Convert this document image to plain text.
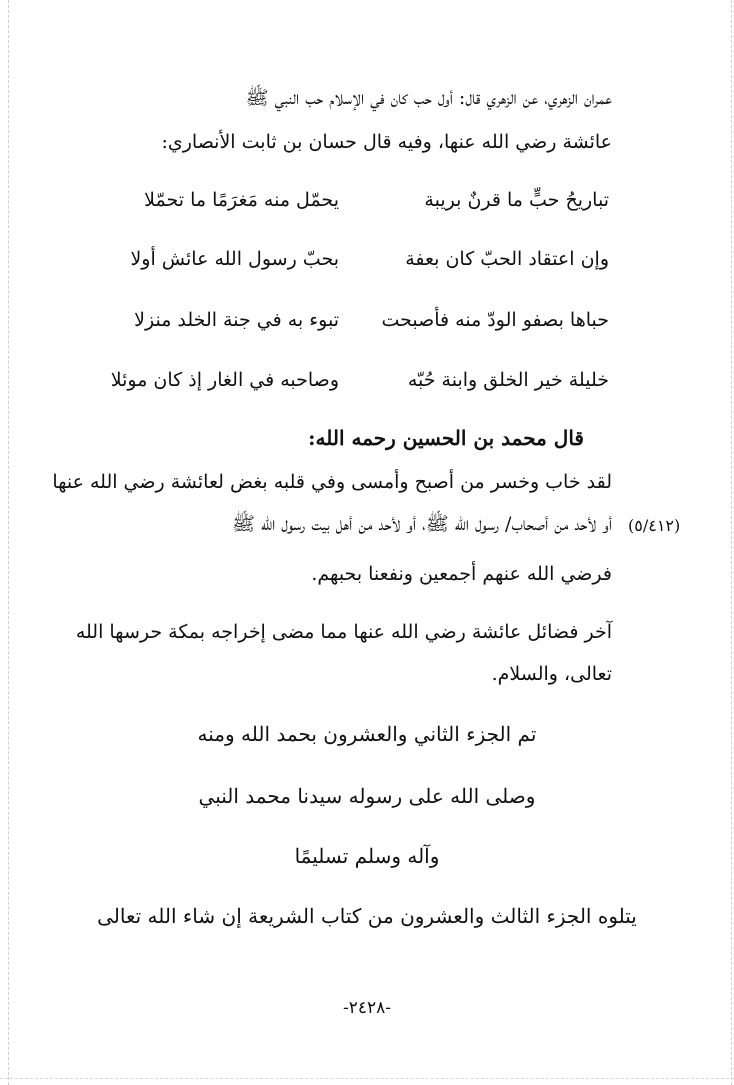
عمران الزهري، عن الزهري قال: أول حب كان في الإسلام حب النبي ﷺ
عائشة رضي الله عنها، وفيه قال حسان بن ثابت الأنصاري:
تباريحُ حبٍّ ما قرنٌ بريبة
يحمّل منه مَغرَمًا ما تحمّلا
وإن اعتقاد الحبّ كان بعفة
بحبّ رسول الله عائش أولا
حباها بصفو الودّ منه فأصبحت
تبوء به في جنة الخلد منزلا
خليلة خير الخلق وابنة حُبّه
وصاحبه في الغار إذ كان موئلا
قال محمد بن الحسين رحمه الله:
لقد خاب وخسر من أصبح وأمسى وفي قلبه بغض لعائشة رضي الله عنها
أو لأحد من أصحاب/ رسول الله ﷺ، أو لأحد من أهل بيت رسول الله ﷺ (٥/٤١٢)
فرضي الله عنهم أجمعين ونفعنا بحبهم.
آخر فضائل عائشة رضي الله عنها مما مضى إخراجه بمكة حرسها الله
تعالى، والسلام.
تم الجزء الثاني والعشرون بحمد الله ومنه
وصلى الله على رسوله سيدنا محمد النبي
وآله وسلم تسليمًا
يتلوه الجزء الثالث والعشرون من كتاب الشريعة إن شاء الله تعالى
-٢٤٢٨-
